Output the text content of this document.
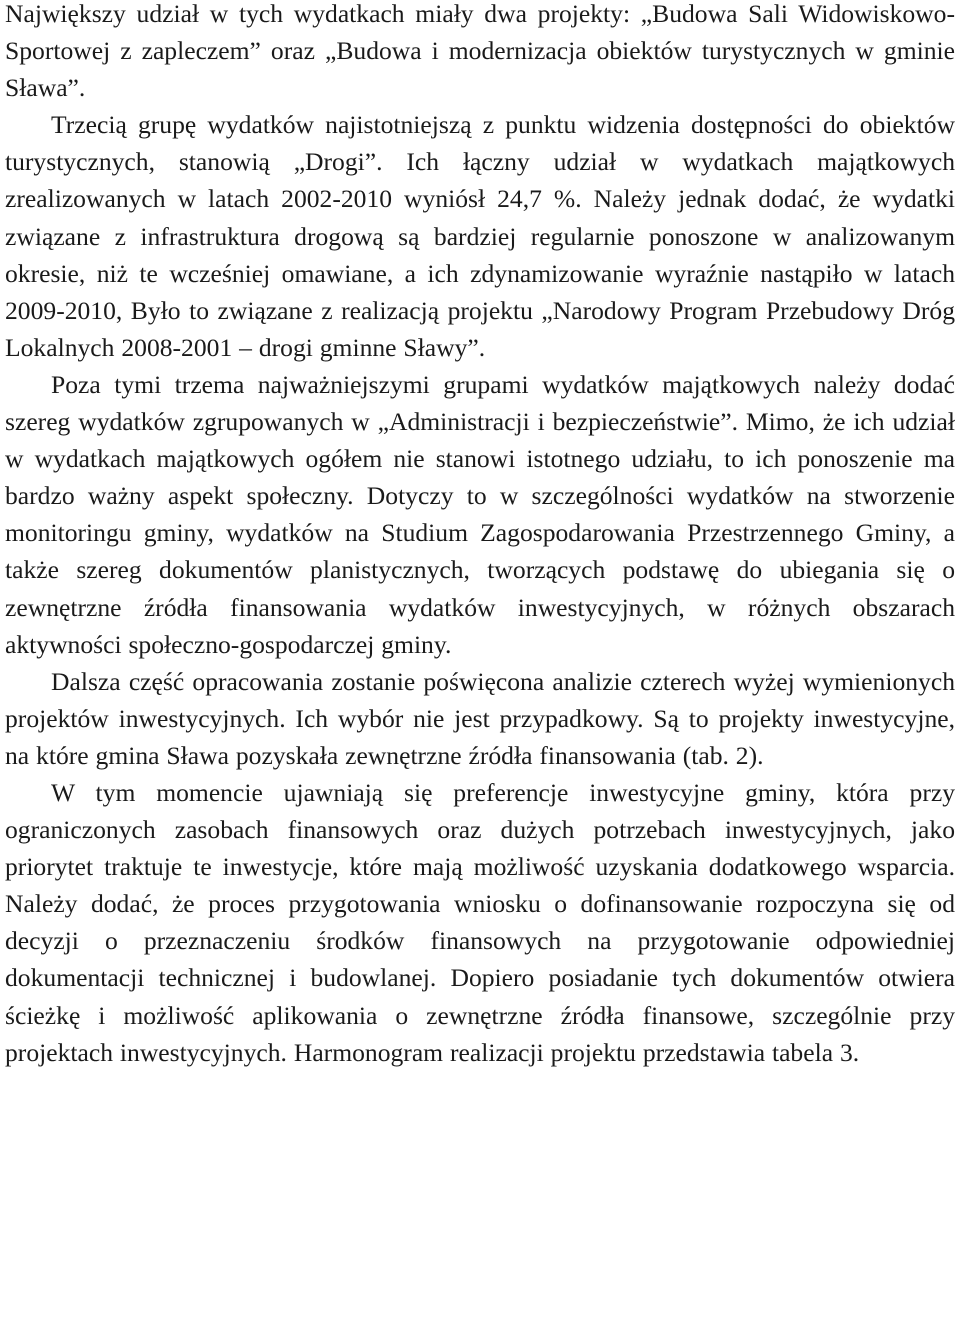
Największy udział w tych wydatkach miały dwa projekty: „Budowa Sali Widowiskowo-Sportowej z zapleczem” oraz „Budowa i modernizacja obiektów turystycznych w gminie Sława”.

Trzecią grupę wydatków najistotniejszą z punktu widzenia dostępności do obiektów turystycznych, stanowią „Drogi”. Ich łączny udział w wydatkach majątkowych zrealizowanych w latach 2002-2010 wyniósł 24,7 %. Należy jednak dodać, że wydatki związane z infrastruktura drogową są bardziej regularnie ponoszone w analizowanym okresie, niż te wcześniej omawiane, a ich zdynamizowanie wyraźnie nastąpiło w latach 2009-2010, Było to związane z realizacją projektu „Narodowy Program Przebudowy Dróg Lokalnych 2008-2001 – drogi gminne Sławy”.

Poza tymi trzema najważniejszymi grupami wydatków majątkowych należy dodać szereg wydatków zgrupowanych w „Administracji i bezpieczeństwie”. Mimo, że ich udział w wydatkach majątkowych ogółem nie stanowi istotnego udziału, to ich ponoszenie ma bardzo ważny aspekt społeczny. Dotyczy to w szczególności wydatków na stworzenie monitoringu gminy, wydatków na Studium Zagospodarowania Przestrzennego Gminy, a także szereg dokumentów planistycznych, tworzących podstawę do ubiegania się o zewnętrzne źródła finansowania wydatków inwestycyjnych, w różnych obszarach aktywności społeczno-gospodarczej gminy.

Dalsza część opracowania zostanie poświęcona analizie czterech wyżej wymienionych projektów inwestycyjnych. Ich wybór nie jest przypadkowy. Są to projekty inwestycyjne, na które gmina Sława pozyskała zewnętrzne źródła finansowania (tab. 2).

W tym momencie ujawniają się preferencje inwestycyjne gminy, która przy ograniczonych zasobach finansowych oraz dużych potrzebach inwestycyjnych, jako priorytet traktuje te inwestycje, które mają możliwość uzyskania dodatkowego wsparcia. Należy dodać, że proces przygotowania wniosku o dofinansowanie rozpoczyna się od decyzji o przeznaczeniu środków finansowych na przygotowanie odpowiedniej dokumentacji technicznej i budowlanej. Dopiero posiadanie tych dokumentów otwiera ścieżkę i możliwość aplikowania o zewnętrzne źródła finansowe, szczególnie przy projektach inwestycyjnych. Harmonogram realizacji projektu przedstawia tabela 3.
